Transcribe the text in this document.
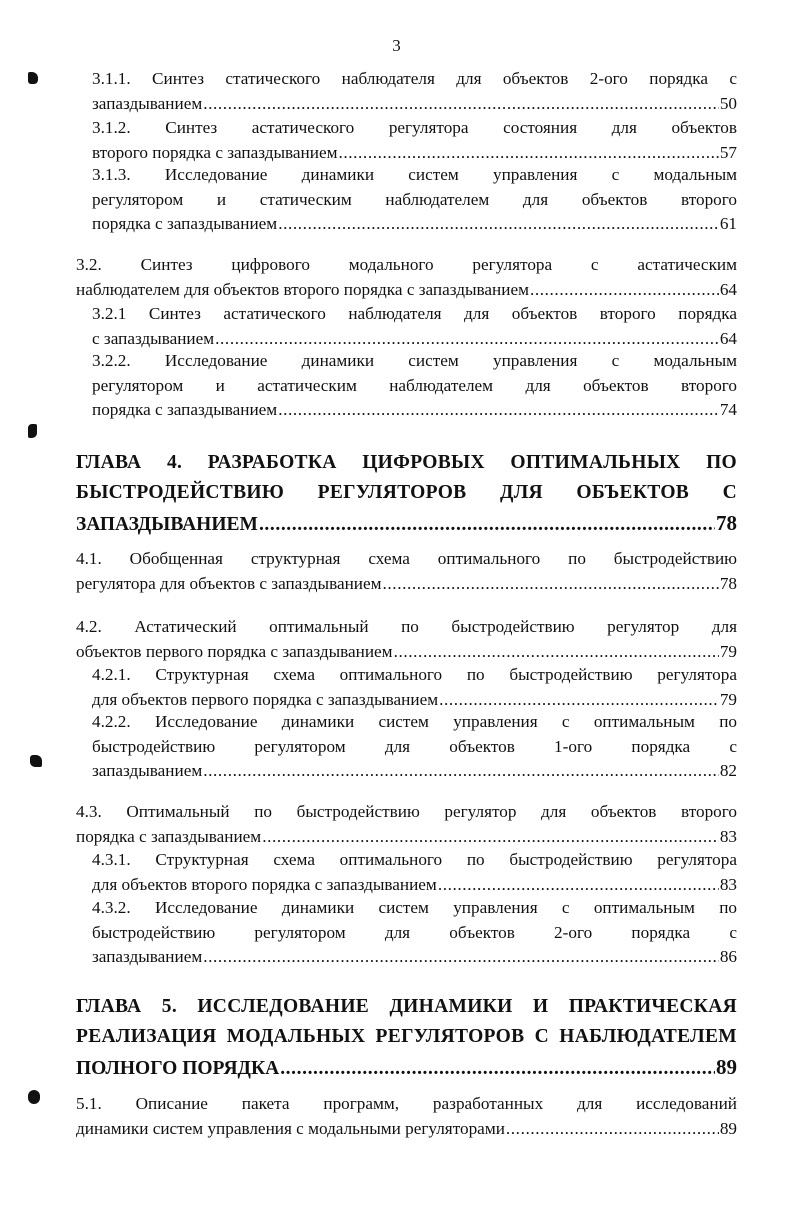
3
3.1.1. Синтез статического наблюдателя для объектов 2-ого порядка с
запаздыванием .....	50
3.1.2. Синтез астатического регулятора состояния для объектов
второго порядка с запаздыванием .....	57
3.1.3. Исследование динамики систем управления с модальным
регулятором и статическим наблюдателем для объектов второго
порядка с запаздыванием .....	61
3.2. Синтез цифрового модального регулятора с астатическим
наблюдателем для объектов второго порядка с запаздыванием .....	64
3.2.1 Синтез астатического наблюдателя для объектов второго порядка
с запаздыванием .....	64
3.2.2. Исследование динамики систем управления с модальным
регулятором и астатическим наблюдателем для объектов второго
порядка с запаздыванием .....	74
ГЛАВА 4. РАЗРАБОТКА ЦИФРОВЫХ ОПТИМАЛЬНЫХ ПО
БЫСТРОДЕЙСТВИЮ РЕГУЛЯТОРОВ ДЛЯ ОБЪЕКТОВ С
ЗАПАЗДЫВАНИЕМ .....	78
4.1. Обобщенная структурная схема оптимального по быстродействию
регулятора для объектов с запаздыванием .....	78
4.2. Астатический оптимальный по быстродействию регулятор для
объектов первого порядка с запаздыванием .....	79
4.2.1. Структурная схема оптимального по быстродействию регулятора
для объектов первого порядка с запаздыванием .....	79
4.2.2. Исследование динамики систем управления с оптимальным по
быстродействию регулятором для объектов 1-ого порядка с
запаздыванием .....	82
4.3. Оптимальный по быстродействию регулятор для объектов второго
порядка с запаздыванием .....	83
4.3.1. Структурная схема оптимального по быстродействию регулятора
для объектов второго порядка с запаздыванием .....	83
4.3.2. Исследование динамики систем управления с оптимальным по
быстродействию регулятором для объектов 2-ого порядка с
запаздыванием .....	86
ГЛАВА 5. ИССЛЕДОВАНИЕ ДИНАМИКИ И ПРАКТИЧЕСКАЯ
РЕАЛИЗАЦИЯ МОДАЛЬНЫХ РЕГУЛЯТОРОВ С НАБЛЮДАТЕЛЕМ
ПОЛНОГО ПОРЯДКА .....	89
5.1. Описание пакета программ, разработанных для исследований
динамики систем управления с модальными регуляторами .....	89
